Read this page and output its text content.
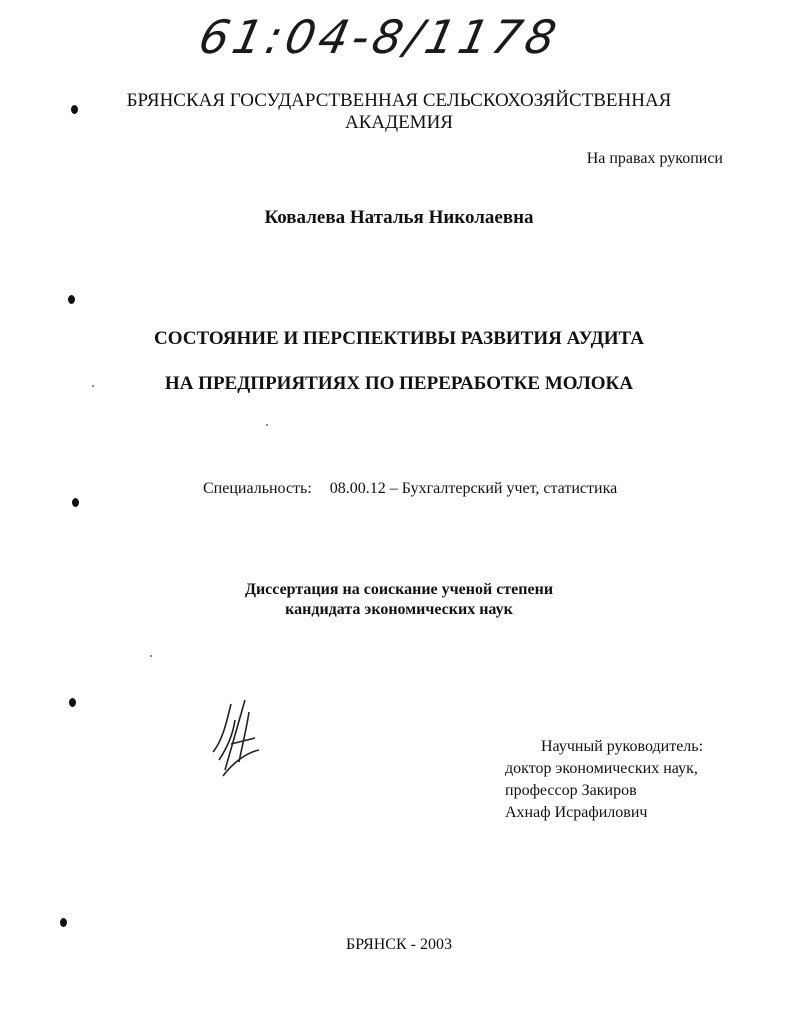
61:04-8/1178
БРЯНСКАЯ ГОСУДАРСТВЕННАЯ СЕЛЬСКОХОЗЯЙСТВЕННАЯ
АКАДЕМИЯ
На правах рукописи
Ковалева Наталья Николаевна
СОСТОЯНИЕ И ПЕРСПЕКТИВЫ РАЗВИТИЯ АУДИТА
НА ПРЕДПРИЯТИЯХ ПО ПЕРЕРАБОТКЕ МОЛОКА
Специальность: 08.00.12 – Бухгалтерский учет, статистика
Диссертация на соискание ученой степени
кандидата экономических наук
Научный руководитель:
доктор экономических наук,
профессор Закиров
Ахнаф Исрафилович
БРЯНСК - 2003
